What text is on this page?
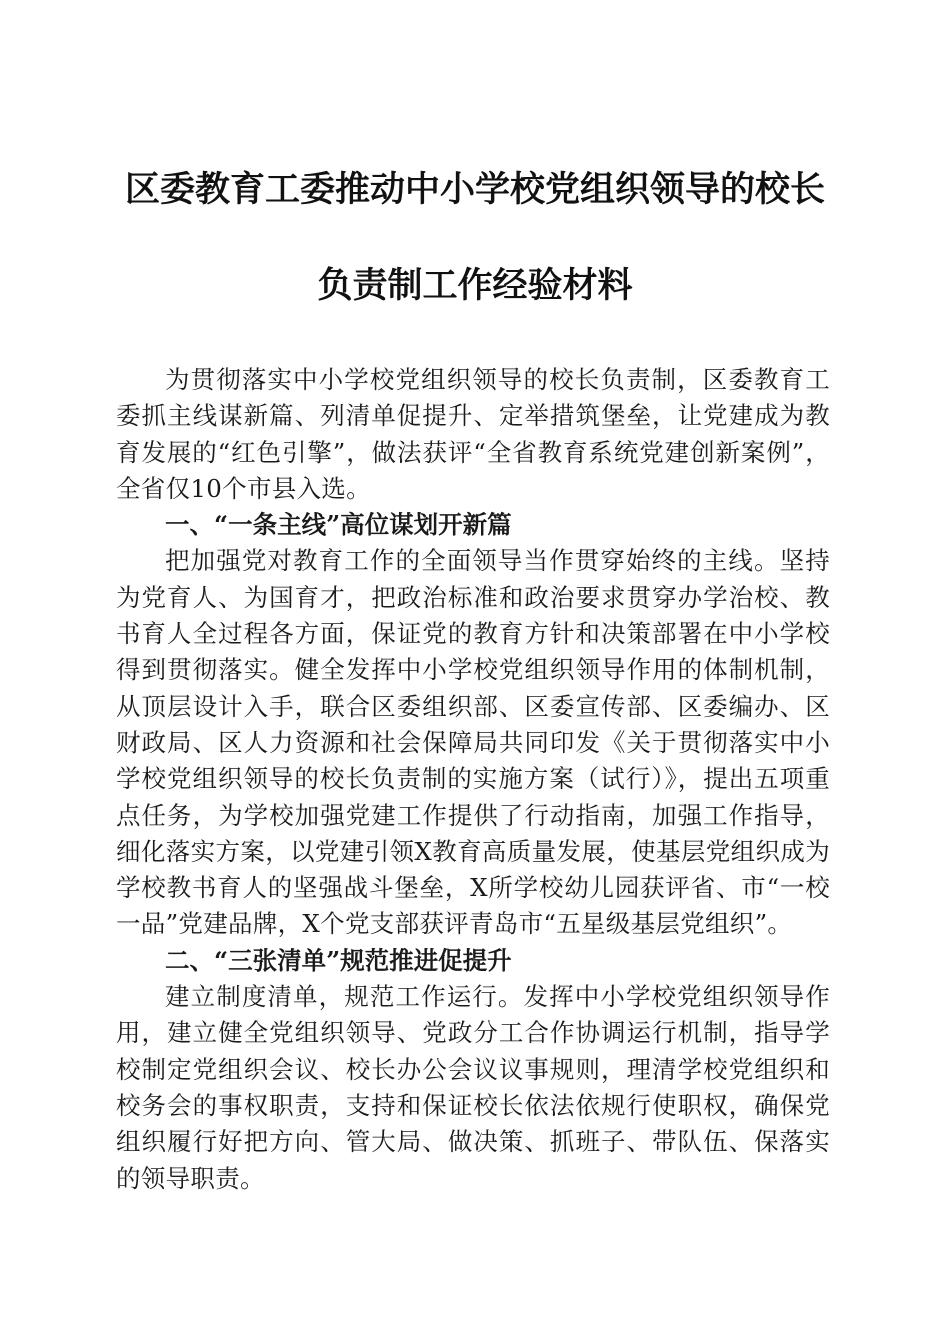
区委教育工委推动中小学校党组织领导的校长
负责制工作经验材料

为贯彻落实中小学校党组织领导的校长负责制，区委教育工委抓主线谋新篇、列清单促提升、定举措筑堡垒，让党建成为教育发展的“红色引擎”，做法获评“全省教育系统党建创新案例”，全省仅10个市县入选。

一、“一条主线”高位谋划开新篇

把加强党对教育工作的全面领导当作贯穿始终的主线。坚持为党育人、为国育才，把政治标准和政治要求贯穿办学治校、教书育人全过程各方面，保证党的教育方针和决策部署在中小学校得到贯彻落实。健全发挥中小学校党组织领导作用的体制机制，从顶层设计入手，联合区委组织部、区委宣传部、区委编办、区财政局、区人力资源和社会保障局共同印发《关于贯彻落实中小学校党组织领导的校长负责制的实施方案（试行）》，提出五项重点任务，为学校加强党建工作提供了行动指南，加强工作指导，细化落实方案，以党建引领X教育高质量发展，使基层党组织成为学校教书育人的坚强战斗堡垒，X所学校幼儿园获评省、市“一校一品”党建品牌，X个党支部获评青岛市“五星级基层党组织”。

二、“三张清单”规范推进促提升

建立制度清单，规范工作运行。发挥中小学校党组织领导作用，建立健全党组织领导、党政分工合作协调运行机制，指导学校制定党组织会议、校长办公会议议事规则，理清学校党组织和校务会的事权职责，支持和保证校长依法依规行使职权，确保党组织履行好把方向、管大局、做决策、抓班子、带队伍、保落实的领导职责。
